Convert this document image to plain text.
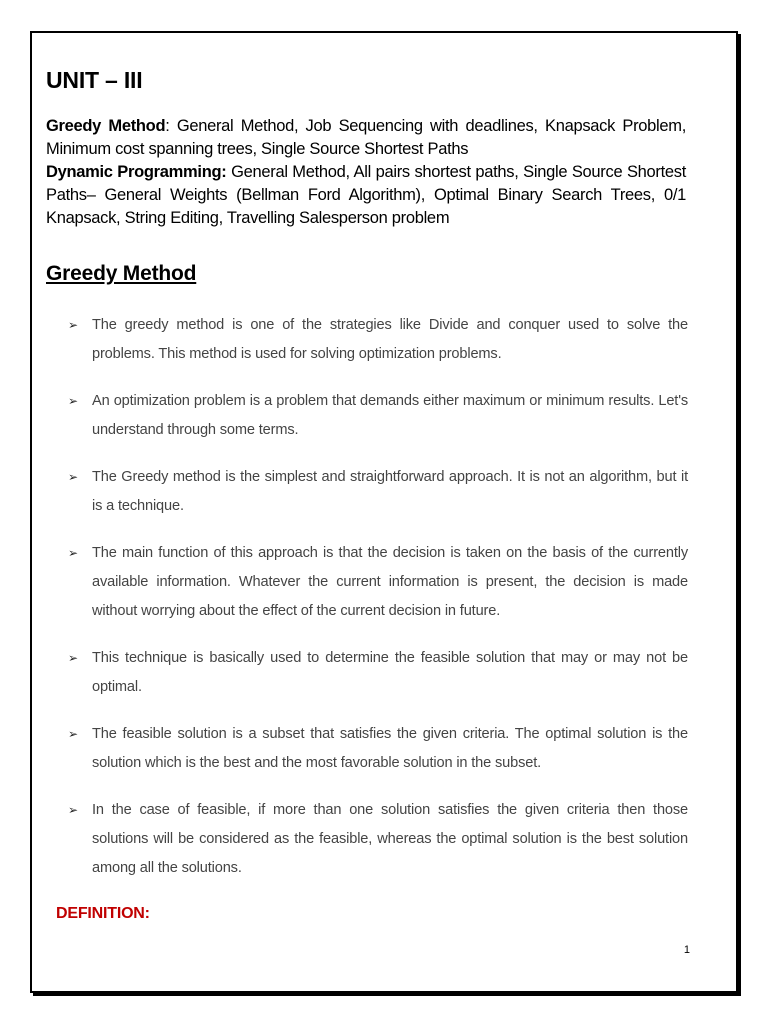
UNIT – III

Greedy Method: General Method, Job Sequencing with deadlines, Knapsack Problem, Minimum cost spanning trees, Single Source Shortest Paths

Dynamic Programming: General Method, All pairs shortest paths, Single Source Shortest Paths– General Weights (Bellman Ford Algorithm), Optimal Binary Search Trees, 0/1 Knapsack, String Editing, Travelling Salesperson problem

Greedy Method
➢ The greedy method is one of the strategies like Divide and conquer used to solve the problems. This method is used for solving optimization problems.
➢ An optimization problem is a problem that demands either maximum or minimum results. Let's understand through some terms.
➢ The Greedy method is the simplest and straightforward approach. It is not an algorithm, but it is a technique.
➢ The main function of this approach is that the decision is taken on the basis of the currently available information. Whatever the current information is present, the decision is made without worrying about the effect of the current decision in future.
➢ This technique is basically used to determine the feasible solution that may or may not be optimal.
➢ The feasible solution is a subset that satisfies the given criteria. The optimal solution is the solution which is the best and the most favorable solution in the subset.
➢ In the case of feasible, if more than one solution satisfies the given criteria then those solutions will be considered as the feasible, whereas the optimal solution is the best solution among all the solutions.
DEFINITION:
1
